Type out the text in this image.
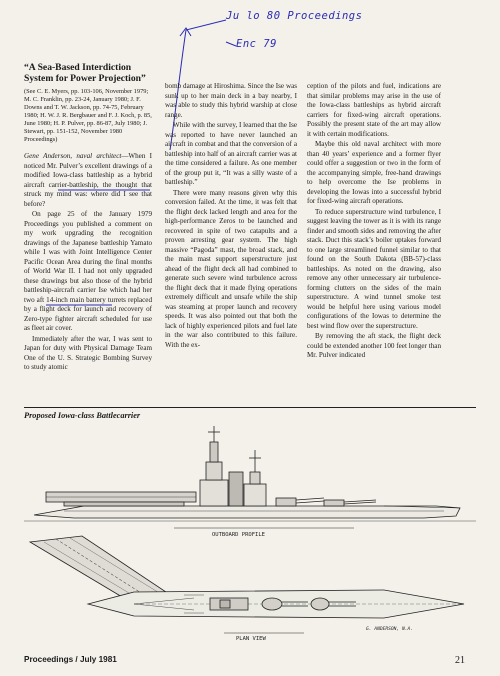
Ju lo 80 Proceedings
Enc 79
“A Sea-Based Interdiction System for Power Projection”
(See C. E. Myers, pp. 103-106, November 1979; M. C. Franklin, pp. 23-24, January 1980; J. F. Downs and T. W. Jackson, pp. 74-75, February 1980; H. W. J. R. Bergbauer and F. J. Koch, p. 85, June 1980; H. P. Pulver, pp. 86-87, July 1980; J. Stewart, pp. 151-152, November 1980 Proceedings)

Gene Anderson, naval architect—When I noticed Mr. Pulver’s excellent drawings of a modified Iowa-class battleship as a hybrid aircraft carrier-battleship, the thought that struck my mind was: where did I see that before?

On page 25 of the January 1979 Proceedings you published a comment on my work upgrading the recognition drawings of the Japanese battleship Yamato while I was with Joint Intelligence Center Pacific Ocean Area during the final months of World War II. I had not only upgraded these drawings but also those of the hybrid battleship-aircraft carrier Ise which had her two aft 14-inch main battery turrets replaced by a flight deck for launch and recovery of Zero-type fighter aircraft scheduled for use as fleet air cover.

Immediately after the war, I was sent to Japan for duty with Physical Damage Team One of the U. S. Strategic Bombing Survey to study atomic

bomb damage at Hiroshima. Since the Ise was sunk up to her main deck in a bay nearby, I was able to study this hybrid warship at close range.

While with the survey, I learned that the Ise was reported to have never launched an aircraft in combat and that the conversion of a battleship into half of an aircraft carrier was at the time considered a failure. As one member of the group put it, “It was a silly waste of a battleship.”

There were many reasons given why this conversion failed. At the time, it was felt that the flight deck lacked length and area for the high-performance Zeros to be launched and recovered in spite of two catapults and a proven arresting gear system. The high massive “Pagoda” mast, the broad stack, and the main mast support superstructure just ahead of the flight deck all had combined to generate such severe wind turbulence across the flight deck that it made flying operations extremely difficult and unsafe while the ship was steaming at proper launch and recovery speeds. It was also pointed out that both the lack of highly experienced pilots and fuel late in the war also contributed to this failure. With the ex-

ception of the pilots and fuel, indications are that similar problems may arise in the use of the Iowa-class battleships as hybrid aircraft carriers for fixed-wing aircraft operations. Possibly the present state of the art may allow it with certain modifications.

Maybe this old naval architect with more than 40 years’ experience and a former flyer could offer a suggestion or two in the form of the accompanying simple, free-hand drawings to help overcome the Ise problems in developing the Iowas into a successful hybrid for fixed-wing aircraft operations.

To reduce superstructure wind turbulence, I suggest leaving the tower as it is with its range finder and smooth sides and removing the after stack. Duct this stack’s boiler uptakes forward to one large streamlined funnel similar to that found on the South Dakota (BB-57)-class battleships. As noted on the drawing, also remove any other unnecessary air turbulence-forming clutters on the sides of the main superstructure. A wind tunnel smoke test would be helpful here using various model configurations of the Iowas to determine the best wind flow over the superstructure.

By removing the aft stack, the flight deck could be extended another 100 feet longer than Mr. Pulver indicated

Proposed Iowa-class Battlecarrier
OUTBOARD PROFILE
PLAN VIEW
G. ANDERSON, N.A.
Proceedings / July 1981	21
